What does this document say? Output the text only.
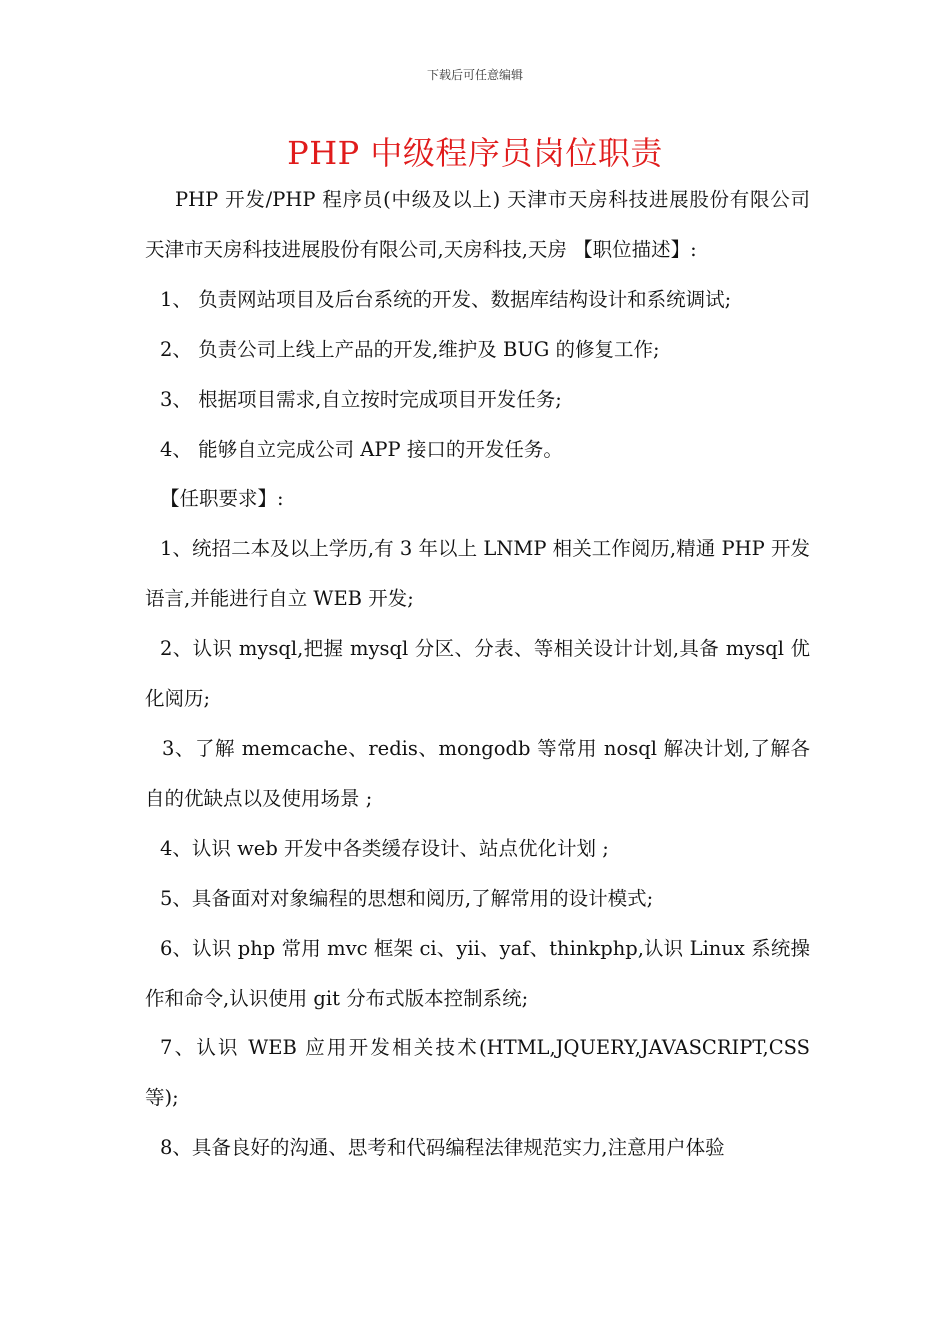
下载后可任意编辑
PHP 中级程序员岗位职责

PHP 开发/PHP 程序员(中级及以上) 天津市天房科技进展股份有限公司 天津市天房科技进展股份有限公司,天房科技,天房 【职位描述】:

1、 负责网站项目及后台系统的开发、数据库结构设计和系统调试;

2、 负责公司上线上产品的开发,维护及 BUG 的修复工作;

3、 根据项目需求,自立按时完成项目开发任务;

4、 能够自立完成公司 APP 接口的开发任务。

【任职要求】:

1、统招二本及以上学历,有 3 年以上 LNMP 相关工作阅历,精通 PHP 开发语言,并能进行自立 WEB 开发;

2、认识 mysql,把握 mysql 分区、分表、等相关设计计划,具备 mysql 优化阅历;

3、了解 memcache、redis、mongodb 等常用 nosql 解决计划,了解各自的优缺点以及使用场景 ;

4、认识 web 开发中各类缓存设计、站点优化计划 ;

5、具备面对对象编程的思想和阅历,了解常用的设计模式;

6、认识 php 常用 mvc 框架 ci、yii、yaf、thinkphp,认识 Linux 系统操作和命令,认识使用 git 分布式版本控制系统;

7、认识 WEB 应用开发相关技术(HTML,JQUERY,JAVASCRIPT,CSS 等);

8、具备良好的沟通、思考和代码编程法律规范实力,注意用户体验
